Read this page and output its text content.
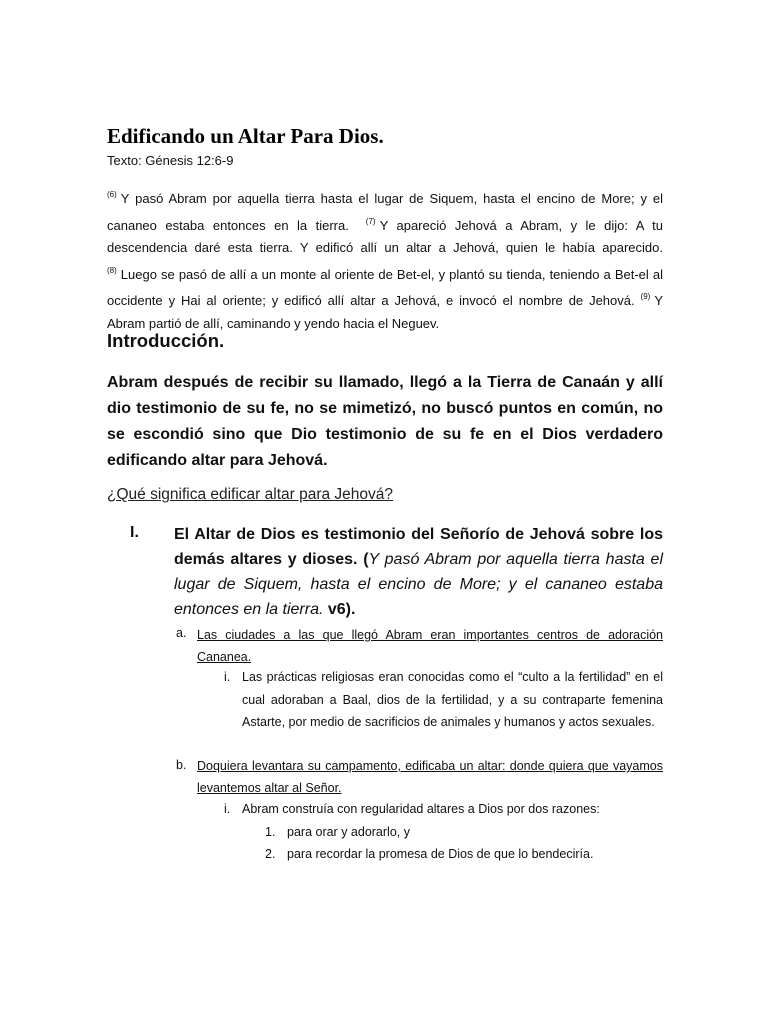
Edificando un Altar Para Dios.
Texto: Génesis 12:6-9
$^{(6)}$ Y pasó Abram por aquella tierra hasta el lugar de Siquem, hasta el encino de More; y el cananeo estaba entonces en la tierra. $^{(7)}$ Y apareció Jehová a Abram, y le dijo: A tu descendencia daré esta tierra. Y edificó allí un altar a Jehová, quien le había aparecido. $^{(8)}$ Luego se pasó de allí a un monte al oriente de Bet-el, y plantó su tienda, teniendo a Bet-el al occidente y Hai al oriente; y edificó allí altar a Jehová, e invocó el nombre de Jehová. $^{(9)}$ Y Abram partió de allí, caminando y yendo hacia el Neguev.
Introducción.
Abram después de recibir su llamado, llegó a la Tierra de Canaán y allí dio testimonio de su fe, no se mimetizó, no buscó puntos en común, no se escondió sino que Dio testimonio de su fe en el Dios verdadero edificando altar para Jehová.
¿Qué significa edificar altar para Jehová?
I. El Altar de Dios es testimonio del Señorío de Jehová sobre los demás altares y dioses. (Y pasó Abram por aquella tierra hasta el lugar de Siquem, hasta el encino de More; y el cananeo estaba entonces en la tierra. v6).
a. Las ciudades a las que llegó Abram eran importantes centros de adoración Cananea.
i. Las prácticas religiosas eran conocidas como el “culto a la fertilidad” en el cual adoraban a Baal, dios de la fertilidad, y a su contraparte femenina Astarte, por medio de sacrificios de animales y humanos y actos sexuales.
b. Doquiera levantara su campamento, edificaba un altar: donde quiera que vayamos levantemos altar al Señor.
i. Abram construía con regularidad altares a Dios por dos razones:
1. para orar y adorarlo, y
2. para recordar la promesa de Dios de que lo bendeciría.
